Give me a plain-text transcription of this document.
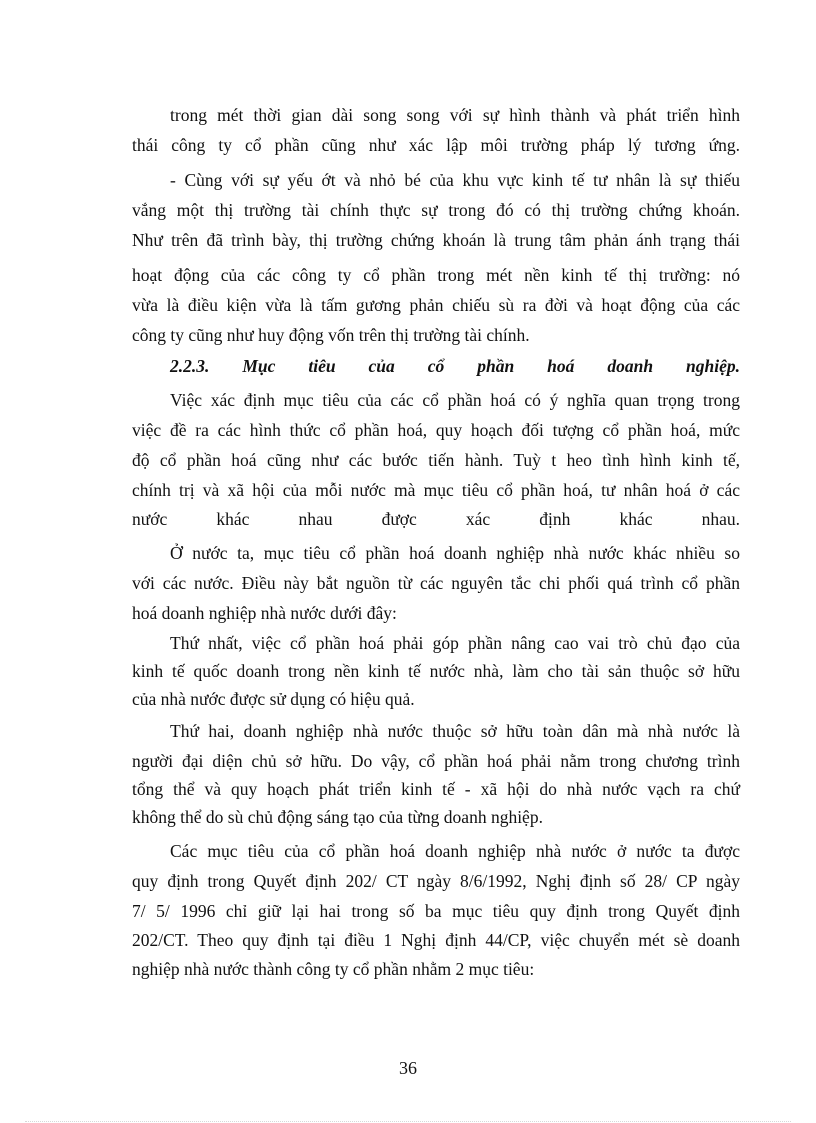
trong mét thời gian dài song song với sự hình thành và phát triển hình
thái công ty cổ phần cũng như xác lập môi trường pháp lý tương ứng.
- Cùng với sự yếu ớt và nhỏ bé của khu vực kinh tế tư nhân là sự thiếu
vắng một thị trường tài chính thực sự trong đó có thị trường chứng khoán.
Như trên đã trình bày, thị trường chứng khoán là trung tâm phản ánh trạng thái
hoạt động của các công ty cổ phần trong mét nền kinh tế thị trường: nó
vừa là điều kiện vừa là tấm gương phản chiếu sù ra đời và hoạt động của các
công ty cũng như huy động vốn trên thị trường tài chính.
2.2.3. Mục tiêu của cổ phần hoá doanh nghiệp.
Việc xác định mục tiêu của các cổ phần hoá có ý nghĩa quan trọng trong
việc đề ra các hình thức cổ phần hoá, quy hoạch đối tượng cổ phần hoá, mức
độ cổ phần hoá cũng như các bước tiến hành. Tuỳ t heo tình hình kinh tế,
chính trị và xã hội của mỗi nước mà mục tiêu cổ phần hoá, tư nhân hoá ở các
nước khác nhau được xác định khác nhau.
Ở nước ta, mục tiêu cổ phần hoá doanh nghiệp nhà nước khác nhiều so
với các nước. Điều này bắt nguồn từ các nguyên tắc chi phối quá trình cổ phần
hoá doanh nghiệp nhà nước dưới đây:
Thứ nhất, việc cổ phần hoá phải góp phần nâng cao vai trò chủ đạo của
kinh tế quốc doanh trong nền kinh tế nước nhà, làm cho tài sản thuộc sở hữu
của nhà nước được sử dụng có hiệu quả.
Thứ hai, doanh nghiệp nhà nước thuộc sở hữu toàn dân mà nhà nước là
người đại diện chủ sở hữu. Do vậy, cổ phần hoá phải nằm trong chương trình
tổng thể và quy hoạch phát triển kinh tế - xã hội do nhà nước vạch ra chứ
không thể do sù chủ động sáng tạo của từng doanh nghiệp.
Các mục tiêu của cổ phần hoá doanh nghiệp nhà nước ở nước ta được
quy định trong Quyết định 202/ CT ngày 8/6/1992, Nghị định số 28/ CP ngày
7/ 5/ 1996 chỉ giữ lại hai trong số ba mục tiêu quy định trong Quyết định
202/CT. Theo quy định tại điều 1 Nghị định 44/CP, việc chuyển mét sè doanh
nghiệp nhà nước thành công ty cổ phần nhằm 2 mục tiêu:
36
